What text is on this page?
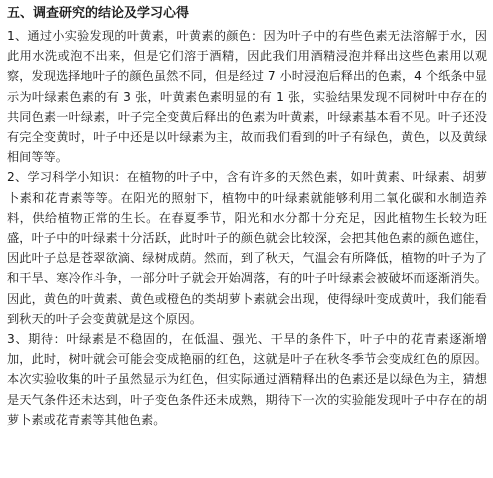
五、调查研究的结论及学习心得

1、通过小实验发现的叶黄素，叶黄素的颜色：因为叶子中的有些色素无法溶解于水，因此用水洗或泡不出来，但是它们溶于酒精，因此我们用酒精浸泡并释出这些色素用以观察，发现选择地叶子的颜色虽然不同，但是经过 7 小时浸泡后释出的色素，4 个纸条中显示为叶绿素色素的有 3 张，叶黄素色素明显的有 1 张，实验结果发现不同树叶中存在的共同色素一叶绿素，叶子完全变黄后释出的色素为叶黄素，叶绿素基本看不见。叶子还没有完全变黄时，叶子中还是以叶绿素为主，故而我们看到的叶子有绿色，黄色，以及黄绿相间等等。

2、学习科学小知识：在植物的叶子中，含有许多的天然色素，如叶黄素、叶绿素、胡萝卜素和花青素等等。在阳光的照射下，植物中的叶绿素就能够利用二氧化碳和水制造养料，供给植物正常的生长。在春夏季节，阳光和水分都十分充足，因此植物生长较为旺盛，叶子中的叶绿素十分活跃，此时叶子的颜色就会比较深，会把其他色素的颜色遮住，因此叶子总是苍翠欲滴、绿树成荫。然而，到了秋天，气温会有所降低，植物的叶子为了和干旱、寒冷作斗争，一部分叶子就会开始凋落，有的叶子叶绿素会被破坏而逐渐消失。因此，黄色的叶黄素、黄色或橙色的类胡萝卜素就会出现，使得绿叶变成黄叶，我们能看到秋天的叶子会变黄就是这个原因。

3、期待：叶绿素是不稳固的，在低温、强光、干旱的条件下，叶子中的花青素逐渐增加，此时，树叶就会可能会变成艳丽的红色，这就是叶子在秋冬季节会变成红色的原因。本次实验收集的叶子虽然显示为红色，但实际通过酒精释出的色素还是以绿色为主，猜想是天气条件还未达到，叶子变色条件还未成熟，期待下一次的实验能发现叶子中存在的胡萝卜素或花青素等其他色素。
